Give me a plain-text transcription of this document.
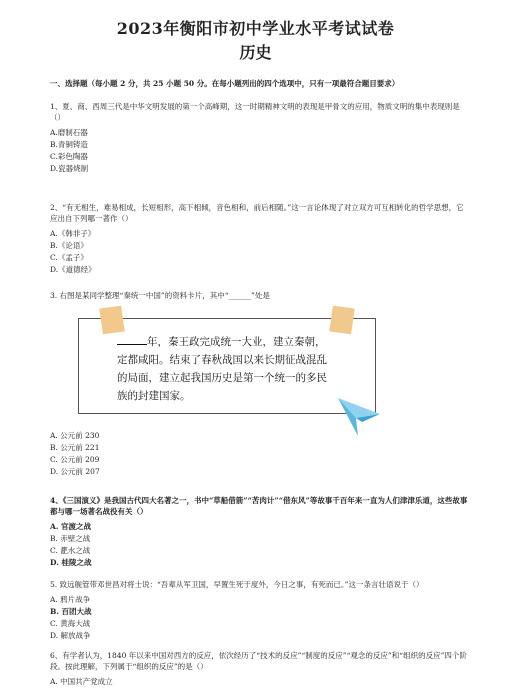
2023年衡阳市初中学业水平考试试卷
历史
一、选择题（每小题 2 分，共 25 小题 50 分。在每小题列出的四个选项中，只有一项最符合题目要求）
1、夏、商、西周三代是中华文明发展的第一个高峰期，这一时期精神文明的表现是甲骨文的应用，物质文明的集中表现则是（）
A.磨制石器
B.青铜铸造
C.彩色陶器
D.瓷器烧制
2、“有无相生，难易相成，长短相形，高下相倾，音色相和，前后相随。”这一言论体现了对立双方可互相转化的哲学思想，它应出自下列哪一著作（）
A.《韩非子》
B.《论语》
C.《孟子》
D.《道德经》
3. 右图是某同学整理“秦统一中国”的资料卡片，其中“______”处是
年，秦王政完成统一大业，建立秦朝，
定都咸阳。结束了春秋战国以来长期征战混乱
的局面，建立起我国历史是第一个统一的多民
族的封建国家。
A. 公元前 230
B. 公元前 221
C. 公元前 209
D. 公元前 207
4、《三国演义》是我国古代四大名著之一，书中“草船借箭”“苦肉计”“借东风”等故事千百年来一直为人们津津乐道，这些故事都与哪一场著名战役有关（）
A. 官渡之战
B. 赤壁之战
C. 淝水之战
D. 桂陵之战
5. 致远舰管带邓世昌对将士说：“吾辈从军卫国，早置生死于度外，今日之事，有死而已。”这一条言壮语说于（）
A. 鸦片战争
B. 百团大战
C. 黄海大战
D. 解放战争
6、有学者认为，1840 年以来中国对西方的反应，依次经历了“技术的反应”“制度的反应”“观念的反应”和“组织的反应”四个阶段。按此理解，下列属于“组织的反应”的是（）
A. 中国共产党成立
